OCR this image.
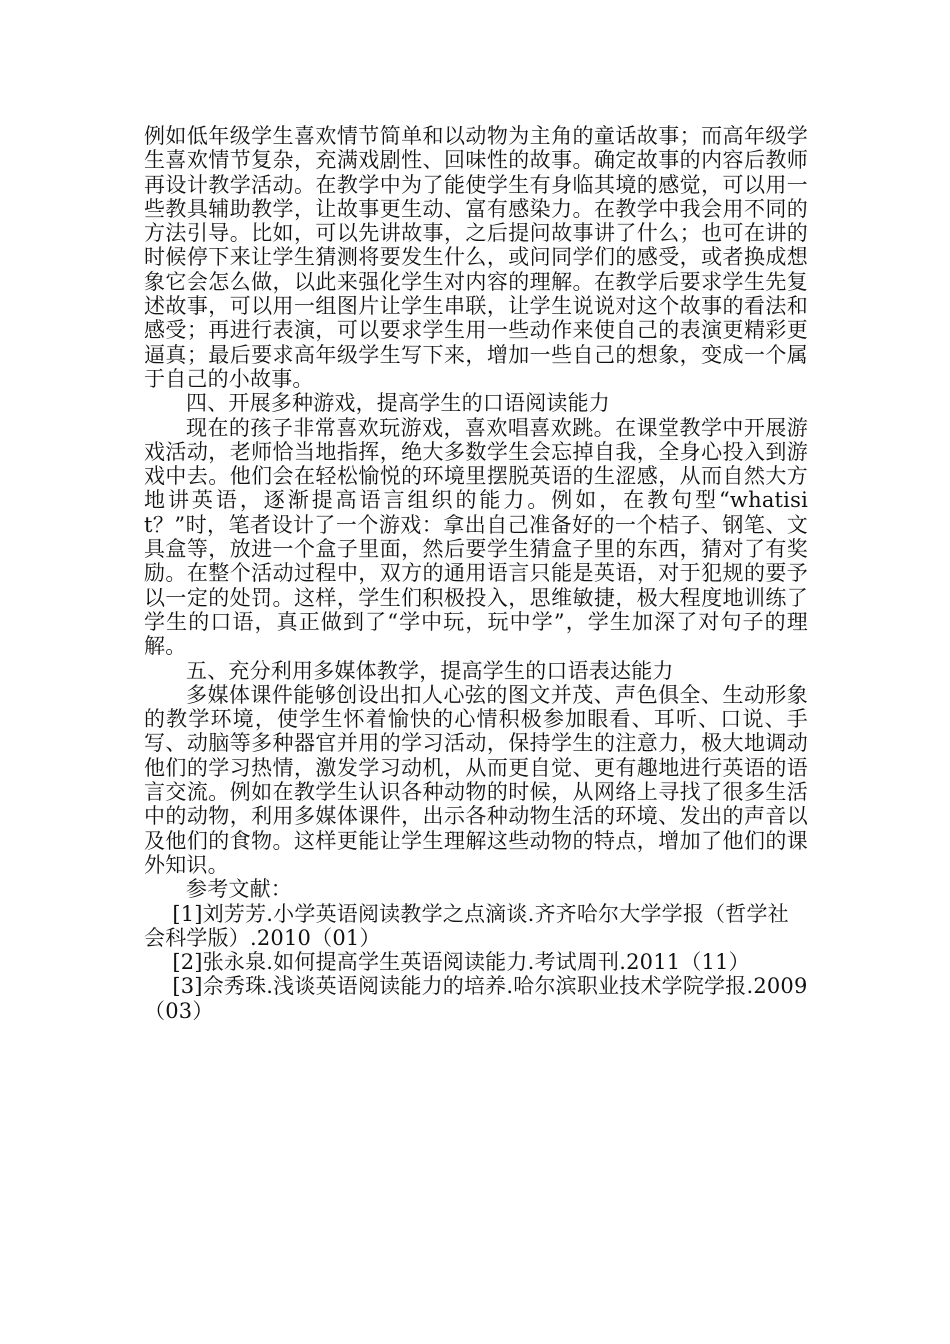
例如低年级学生喜欢情节简单和以动物为主角的童话故事；而高年级学生喜欢情节复杂，充满戏剧性、回味性的故事。确定故事的内容后教师再设计教学活动。在教学中为了能使学生有身临其境的感觉，可以用一些教具辅助教学，让故事更生动、富有感染力。在教学中我会用不同的方法引导。比如，可以先讲故事，之后提问故事讲了什么；也可在讲的时候停下来让学生猜测将要发生什么，或问同学们的感受，或者换成想象它会怎么做，以此来强化学生对内容的理解。在教学后要求学生先复述故事，可以用一组图片让学生串联，让学生说说对这个故事的看法和感受；再进行表演，可以要求学生用一些动作来使自己的表演更精彩更逼真；最后要求高年级学生写下来，增加一些自己的想象，变成一个属于自己的小故事。

四、开展多种游戏，提高学生的口语阅读能力

现在的孩子非常喜欢玩游戏，喜欢唱喜欢跳。在课堂教学中开展游戏活动，老师恰当地指挥，绝大多数学生会忘掉自我，全身心投入到游戏中去。他们会在轻松愉悦的环境里摆脱英语的生涩感，从而自然大方地讲英语，逐渐提高语言组织的能力。例如，在教句型“whatisit？”时，笔者设计了一个游戏：拿出自己准备好的一个桔子、钢笔、文具盒等，放进一个盒子里面，然后要学生猜盒子里的东西，猜对了有奖励。在整个活动过程中，双方的通用语言只能是英语，对于犯规的要予以一定的处罚。这样，学生们积极投入，思维敏捷，极大程度地训练了学生的口语，真正做到了“学中玩，玩中学”，学生加深了对句子的理解。

五、充分利用多媒体教学，提高学生的口语表达能力

多媒体课件能够创设出扣人心弦的图文并茂、声色俱全、生动形象的教学环境，使学生怀着愉快的心情积极参加眼看、耳听、口说、手写、动脑等多种器官并用的学习活动，保持学生的注意力，极大地调动他们的学习热情，激发学习动机，从而更自觉、更有趣地进行英语的语言交流。例如在教学生认识各种动物的时候，从网络上寻找了很多生活中的动物，利用多媒体课件，出示各种动物生活的环境、发出的声音以及他们的食物。这样更能让学生理解这些动物的特点，增加了他们的课外知识。

参考文献：

[1]刘芳芳.小学英语阅读教学之点滴谈.齐齐哈尔大学学报（哲学社会科学版）.2010（01）

[2]张永泉.如何提高学生英语阅读能力.考试周刊.2011（11）

[3]佘秀珠.浅谈英语阅读能力的培养.哈尔滨职业技术学院学报.2009（03）
